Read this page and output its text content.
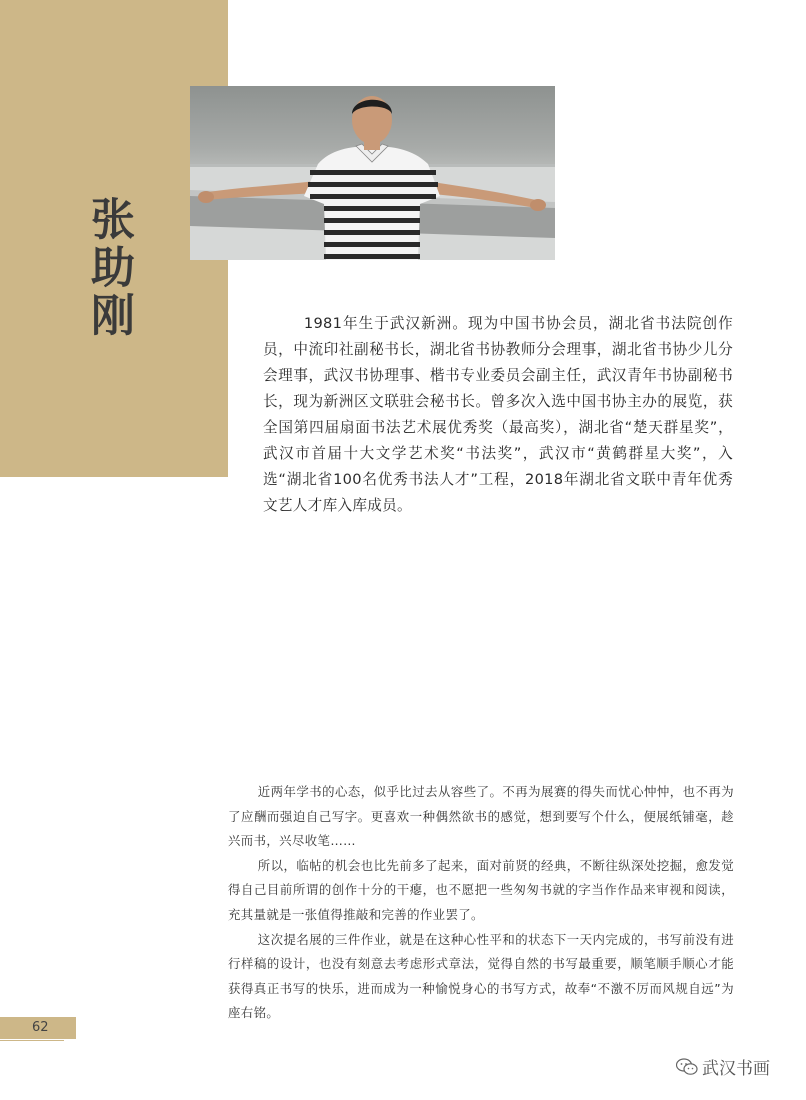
张助刚	1981年生于武汉新洲。现为中国书协会员，湖北省书法院创作员，中流印社副秘书长，湖北省书协教师分会理事，湖北省书协少儿分会理事，武汉书协理事、楷书专业委员会副主任，武汉青年书协副秘书长，现为新洲区文联驻会秘书长。曾多次入选中国书协主办的展览，获全国第四届扇面书法艺术展优秀奖（最高奖），湖北省“楚天群星奖”，武汉市首届十大文学艺术奖“书法奖”，武汉市“黄鹤群星大奖”，入选“湖北省100名优秀书法人才”工程，2018年湖北省文联中青年优秀文艺人才库入库成员。

近两年学书的心态，似乎比过去从容些了。不再为展赛的得失而忧心忡忡，也不再为了应酬而强迫自己写字。更喜欢一种偶然欲书的感觉，想到要写个什么，便展纸铺毫，趁兴而书，兴尽收笔……

所以，临帖的机会也比先前多了起来，面对前贤的经典，不断往纵深处挖掘，愈发觉得自己目前所谓的创作十分的干瘪，也不愿把一些匆匆书就的字当作作品来审视和阅读，充其量就是一张值得推敲和完善的作业罢了。

这次提名展的三件作业，就是在这种心性平和的状态下一天内完成的，书写前没有进行样稿的设计，也没有刻意去考虑形式章法，觉得自然的书写最重要，顺笔顺手顺心才能获得真正书写的快乐，进而成为一种愉悦身心的书写方式，故奉“不激不厉而风规自远”为座右铭。

62
武汉书画
